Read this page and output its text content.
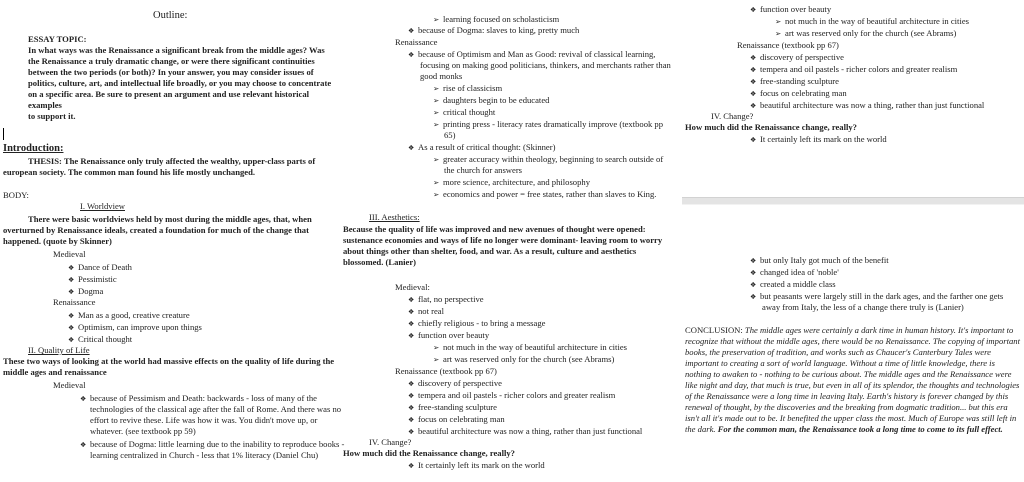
Outline:
ESSAY TOPIC:
In what ways was the Renaissance a significant break from the middle ages? Was
the Renaissance a truly dramatic change, or were there significant continuities
between the two periods (or both)? In your answer, you may consider issues of
politics, culture, art, and intellectual life broadly, or you may choose to concentrate
on a specific area. Be sure to present an argument and use relevant historical
examples
to support it.
Introduction:
THESIS: The Renaissance only truly affected the wealthy, upper-class parts of
european society. The common man found his life mostly unchanged.
BODY:
I. Worldview
There were basic worldviews held by most during the middle ages, that, when
overturned by Renaissance ideals, created a foundation for much of the change that
happened. (quote by Skinner)
Medieval
❖ Dance of Death
❖ Pessimistic
❖ Dogma
Renaissance
❖ Man as a good, creative creature
❖ Optimism, can improve upon things
❖ Critical thought
II. Quality of Life
These two ways of looking at the world had massive effects on the quality of life during the
middle ages and renaissance
Medieval
❖ because of Pessimism and Death: backwards - loss of many of the
technologies of the classical age after the fall of Rome. And there was no
effort to revive these. Life was how it was. You didn't move up, or
whatever. (see textbook pp 59)
❖ because of Dogma: little learning due to the inability to reproduce books -
learning centralized in Church - less that 1% literacy (Daniel Chu)
➢ learning focused on scholasticism
❖ because of Dogma: slaves to king, pretty much
Renaissance
❖ because of Optimism and Man as Good: revival of classical learning,
focusing on making good politicians, thinkers, and merchants rather than
good monks
➢ rise of classicism
➢ daughters begin to be educated
➢ critical thought
➢ printing press - literacy rates dramatically improve (textbook pp
65)
❖ As a result of critical thought: (Skinner)
➢ greater accuracy within theology, beginning to search outside of
the church for answers
➢ more science, architecture, and philosophy
➢ economics and power = free states, rather than slaves to King.
III. Aesthetics:
Because the quality of life was improved and new avenues of thought were opened:
sustenance economies and ways of life no longer were dominant- leaving room to worry
about things other than shelter, food, and war. As a result, culture and aesthetics
blossomed. (Lanier)
Medieval:
❖ flat, no perspective
❖ not real
❖ chiefly religious - to bring a message
❖ function over beauty
➢ not much in the way of beautiful architecture in cities
➢ art was reserved only for the church (see Abrams)
Renaissance (textbook pp 67)
❖ discovery of perspective
❖ tempera and oil pastels - richer colors and greater realism
❖ free-standing sculpture
❖ focus on celebrating man
❖ beautiful architecture was now a thing, rather than just functional
IV. Change?
How much did the Renaissance change, really?
❖ It certainly left its mark on the world
❖ function over beauty
➢ not much in the way of beautiful architecture in cities
➢ art was reserved only for the church (see Abrams)
Renaissance (textbook pp 67)
❖ discovery of perspective
❖ tempera and oil pastels - richer colors and greater realism
❖ free-standing sculpture
❖ focus on celebrating man
❖ beautiful architecture was now a thing, rather than just functional
IV. Change?
How much did the Renaissance change, really?
❖ It certainly left its mark on the world
❖ but only Italy got much of the benefit
❖ changed idea of 'noble'
❖ created a middle class
❖ but peasants were largely still in the dark ages, and the farther one gets
away from Italy, the less of a change there truly is (Lanier)
CONCLUSION: The middle ages were certainly a dark time in human history. It's important to
recognize that without the middle ages, there would be no Renaissance. The copying of important
books, the preservation of tradition, and works such as Chaucer's Canterbury Tales were
important to creating a sort of world language. Without a time of little knowledge, there is
nothing to awaken to - nothing to be curious about. The middle ages and the Renaissance were
like night and day, that much is true, but even in all of its splendor, the thoughts and technologies
of the Renaissance were a long time in leaving Italy. Earth's history is forever changed by this
renewal of thought, by the discoveries and the breaking from dogmatic tradition... but this era
isn't all it's made out to be. It benefited the upper class the most. Much of Europe was still left in
the dark. For the common man, the Renaissance took a long time to come to its full effect.
